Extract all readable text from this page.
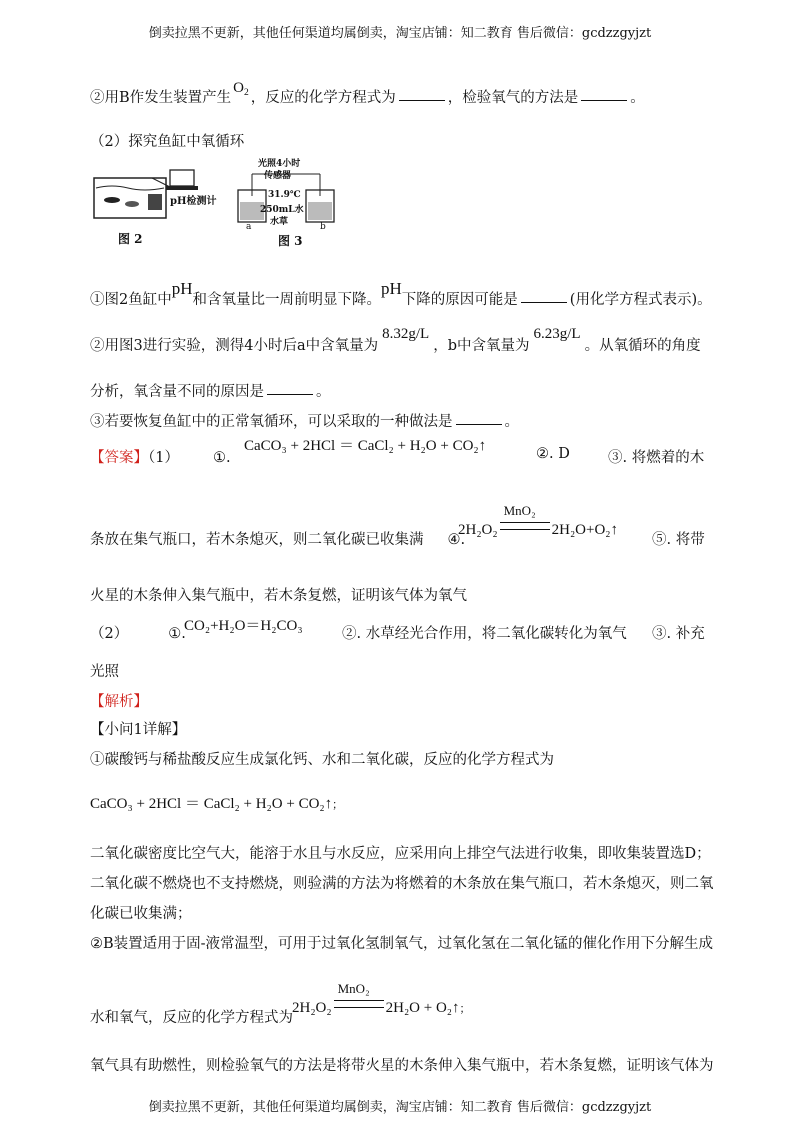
倒卖拉黑不更新，其他任何渠道均属倒卖，淘宝店铺：知二教育 售后微信：gcdzzgyjzt
②用B作发生装置产生$O_2$ ，反应的化学方程式为	，检验氧气的方法是	。
（2）探究鱼缸中氧循环
pH检测计
图 2
光照4小时
传感器
31.9℃
250mL水
水草
a	b
图 3
①图2鱼缸中pH和含氧量比一周前明显下降。pH下降的原因可能是	(用化学方程式表示)。
②用图3进行实验，测得4小时后a中含氧量为8.32g/L，b中含氧量为6.23g/L。从氧循环的角度
分析，氧含量不同的原因是	。
③若要恢复鱼缸中的正常氧循环，可以采取的一种做法是	。
【答案】（1） ①.
CaCO₃ + 2HCl ＝ CaCl₂ + H₂O + CO₂↑	②. D	③. 将燃着的木
条放在集气瓶口，若木条熄灭，则二氧化碳已收集满 ④.
2H₂O₂
MnO₂
2H₂O+O₂↑
⑤. 将带
火星的木条伸入集气瓶中，若木条复燃，证明该气体为氧气
（2）	①.
CO₂+H₂O＝H₂CO₃	②. 水草经光合作用，将二氧化碳转化为氧气 ③. 补充
光照
【解析】
【小问1详解】
①碳酸钙与稀盐酸反应生成氯化钙、水和二氧化碳，反应的化学方程式为
CaCO₃ + 2HCl ＝ CaCl₂ + H₂O + CO₂↑；
二氧化碳密度比空气大，能溶于水且与水反应，应采用向上排空气法进行收集，即收集装置选D；
二氧化碳不燃烧也不支持燃烧，则验满的方法为将燃着的木条放在集气瓶口，若木条熄灭，则二氧
化碳已收集满；
②B装置适用于固-液常温型，可用于过氧化氢制氧气，过氧化氢在二氧化锰的催化作用下分解生成
水和氧气，反应的化学方程式为
2H₂O₂
MnO₂
2H₂O + O₂↑；
氧气具有助燃性，则检验氧气的方法是将带火星的木条伸入集气瓶中，若木条复燃，证明该气体为
倒卖拉黑不更新，其他任何渠道均属倒卖，淘宝店铺：知二教育 售后微信：gcdzzgyjzt
